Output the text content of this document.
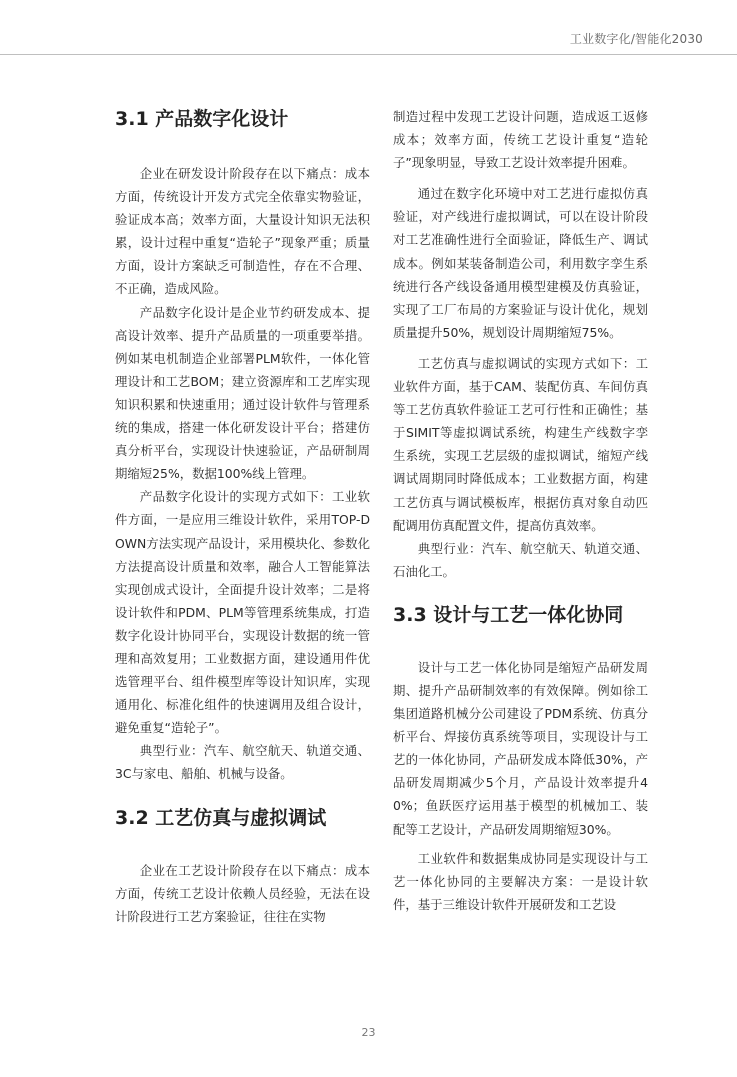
工业数字化/智能化2030
3.1 产品数字化设计

企业在研发设计阶段存在以下痛点：成本方面，传统设计开发方式完全依靠实物验证，验证成本高；效率方面，大量设计知识无法积累，设计过程中重复“造轮子”现象严重；质量方面，设计方案缺乏可制造性，存在不合理、不正确，造成风险。

产品数字化设计是企业节约研发成本、提高设计效率、提升产品质量的一项重要举措。例如某电机制造企业部署PLM软件，一体化管理设计和工艺BOM；建立资源库和工艺库实现知识积累和快速重用；通过设计软件与管理系统的集成，搭建一体化研发设计平台；搭建仿真分析平台，实现设计快速验证，产品研制周期缩短25%，数据100%线上管理。

产品数字化设计的实现方式如下：工业软件方面，一是应用三维设计软件，采用TOP-DOWN方法实现产品设计，采用模块化、参数化方法提高设计质量和效率，融合人工智能算法实现创成式设计，全面提升设计效率；二是将设计软件和PDM、PLM等管理系统集成，打造数字化设计协同平台，实现设计数据的统一管理和高效复用；工业数据方面，建设通用件优选管理平台、组件模型库等设计知识库，实现通用化、标准化组件的快速调用及组合设计，避免重复“造轮子”。

典型行业：汽车、航空航天、轨道交通、3C与家电、船舶、机械与设备。

3.2 工艺仿真与虚拟调试

企业在工艺设计阶段存在以下痛点：成本方面，传统工艺设计依赖人员经验，无法在设计阶段进行工艺方案验证，往往在实物

制造过程中发现工艺设计问题，造成返工返修成本；效率方面，传统工艺设计重复“造轮子”现象明显，导致工艺设计效率提升困难。

通过在数字化环境中对工艺进行虚拟仿真验证，对产线进行虚拟调试，可以在设计阶段对工艺准确性进行全面验证，降低生产、调试成本。例如某装备制造公司，利用数字孪生系统进行各产线设备通用模型建模及仿真验证，实现了工厂布局的方案验证与设计优化，规划质量提升50%，规划设计周期缩短75%。

工艺仿真与虚拟调试的实现方式如下：工业软件方面，基于CAM、装配仿真、车间仿真等工艺仿真软件验证工艺可行性和正确性；基于SIMIT等虚拟调试系统，构建生产线数字孪生系统，实现工艺层级的虚拟调试，缩短产线调试周期同时降低成本；工业数据方面，构建工艺仿真与调试模板库，根据仿真对象自动匹配调用仿真配置文件，提高仿真效率。

典型行业：汽车、航空航天、轨道交通、石油化工。

3.3 设计与工艺一体化协同

设计与工艺一体化协同是缩短产品研发周期、提升产品研制效率的有效保障。例如徐工集团道路机械分公司建设了PDM系统、仿真分析平台、焊接仿真系统等项目，实现设计与工艺的一体化协同，产品研发成本降低30%，产品研发周期减少5个月，产品设计效率提升40%；鱼跃医疗运用基于模型的机械加工、装配等工艺设计，产品研发周期缩短30%。

工业软件和数据集成协同是实现设计与工艺一体化协同的主要解决方案：一是设计软件，基于三维设计软件开展研发和工艺设

23
